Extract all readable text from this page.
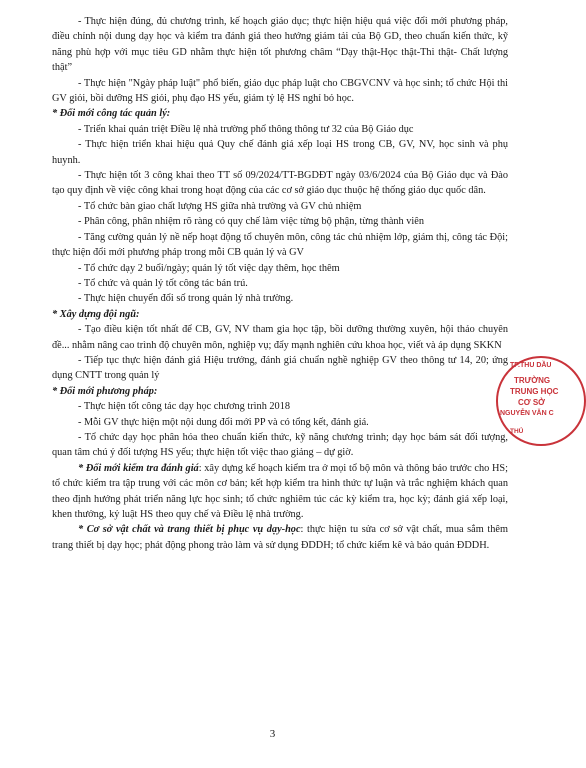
- Thực hiện đúng, đủ chương trình, kế hoạch giáo dục; thực hiện hiệu quả việc đổi mới phương pháp, điều chỉnh nội dung dạy học và kiểm tra đánh giá theo hướng giảm tải của Bộ GD, theo chuẩn kiến thức, kỹ năng phù hợp với mục tiêu GD nhằm thực hiện tốt phương châm “Dạy thật-Học thật-Thi thật- Chất lượng thật”

- Thực hiện "Ngày pháp luật" phổ biến, giáo dục pháp luật cho CBGVCNV và học sinh; tổ chức Hội thi GV giỏi, bồi dưỡng HS giỏi, phụ đạo HS yếu, giảm tỷ lệ HS nghỉ bỏ học.

* Đổi mới công tác quản lý:

- Triển khai quán triệt Điều lệ nhà trường phổ thông thông tư 32 của Bộ Giáo dục

- Thực hiện triển khai hiệu quả Quy chế đánh giá xếp loại HS trong CB, GV, NV, học sinh và phụ huynh.

- Thực hiện tốt 3 công khai theo TT số 09/2024/TT-BGDĐT ngày 03/6/2024 của Bộ Giáo dục và Đào tạo quy định về việc công khai trong hoạt động của các cơ sở giáo dục thuộc hệ thống giáo dục quốc dân.

- Tổ chức bàn giao chất lượng HS giữa nhà trường và GV chủ nhiệm

- Phân công, phân nhiệm rõ ràng có quy chế làm việc từng bộ phận, từng thành viên

- Tăng cường quản lý nề nếp hoạt động tổ chuyên môn, công tác chủ nhiệm lớp, giám thị, công tác Đội; thực hiện đổi mới phương pháp trong mỗi CB quản lý và GV

- Tổ chức dạy 2 buổi/ngày; quản lý tốt việc dạy thêm, học thêm

- Tổ chức và quản lý tốt công tác bán trú.

- Thực hiện chuyển đổi số trong quản lý nhà trường.

* Xây dựng đội ngũ:

- Tạo điều kiện tốt nhất để CB, GV, NV tham gia học tập, bồi dưỡng thường xuyên, hội thảo chuyên đề... nhằm nâng cao trình độ chuyên môn, nghiệp vụ; đẩy mạnh nghiên cứu khoa học, viết và áp dụng SKKN

- Tiếp tục thực hiện đánh giá Hiệu trưởng, đánh giá chuẩn nghề nghiệp GV theo thông tư 14, 20; ứng dụng CNTT trong quản lý

* Đổi mới phương pháp:

- Thực hiện tốt công tác dạy học chương trình 2018

- Mỗi GV thực hiện một nội dung đổi mới PP và có tổng kết, đánh giá.

- Tổ chức dạy học phân hóa theo chuẩn kiến thức, kỹ năng chương trình; dạy học bám sát đối tượng, quan tâm chú ý đối tượng HS yếu; thực hiện tốt việc thao giảng – dự giờ.

* Đổi mới kiểm tra đánh giá: xây dựng kế hoạch kiểm tra ở mọi tổ bộ môn và thông báo trước cho HS; tổ chức kiểm tra tập trung với các môn cơ bản; kết hợp kiểm tra hình thức tự luận và trắc nghiệm khách quan theo định hướng phát triển năng lực học sinh; tổ chức nghiêm túc các kỳ kiểm tra, học kỳ; đánh giá xếp loại, khen thưởng, kỷ luật HS theo quy chế và Điều lệ nhà trường.

* Cơ sở vật chất và trang thiết bị phục vụ dạy-học: thực hiện tu sửa cơ sở vật chất, mua sắm thêm trang thiết bị dạy học; phát động phong trào làm và sử dụng ĐDDH; tổ chức kiểm kê và bảo quản ĐDDH.

TP.THU DẦU
TRƯỜNG
TRUNG HỌC
CƠ SỞ
NGUYỄN VĂN C
THỦ
3
